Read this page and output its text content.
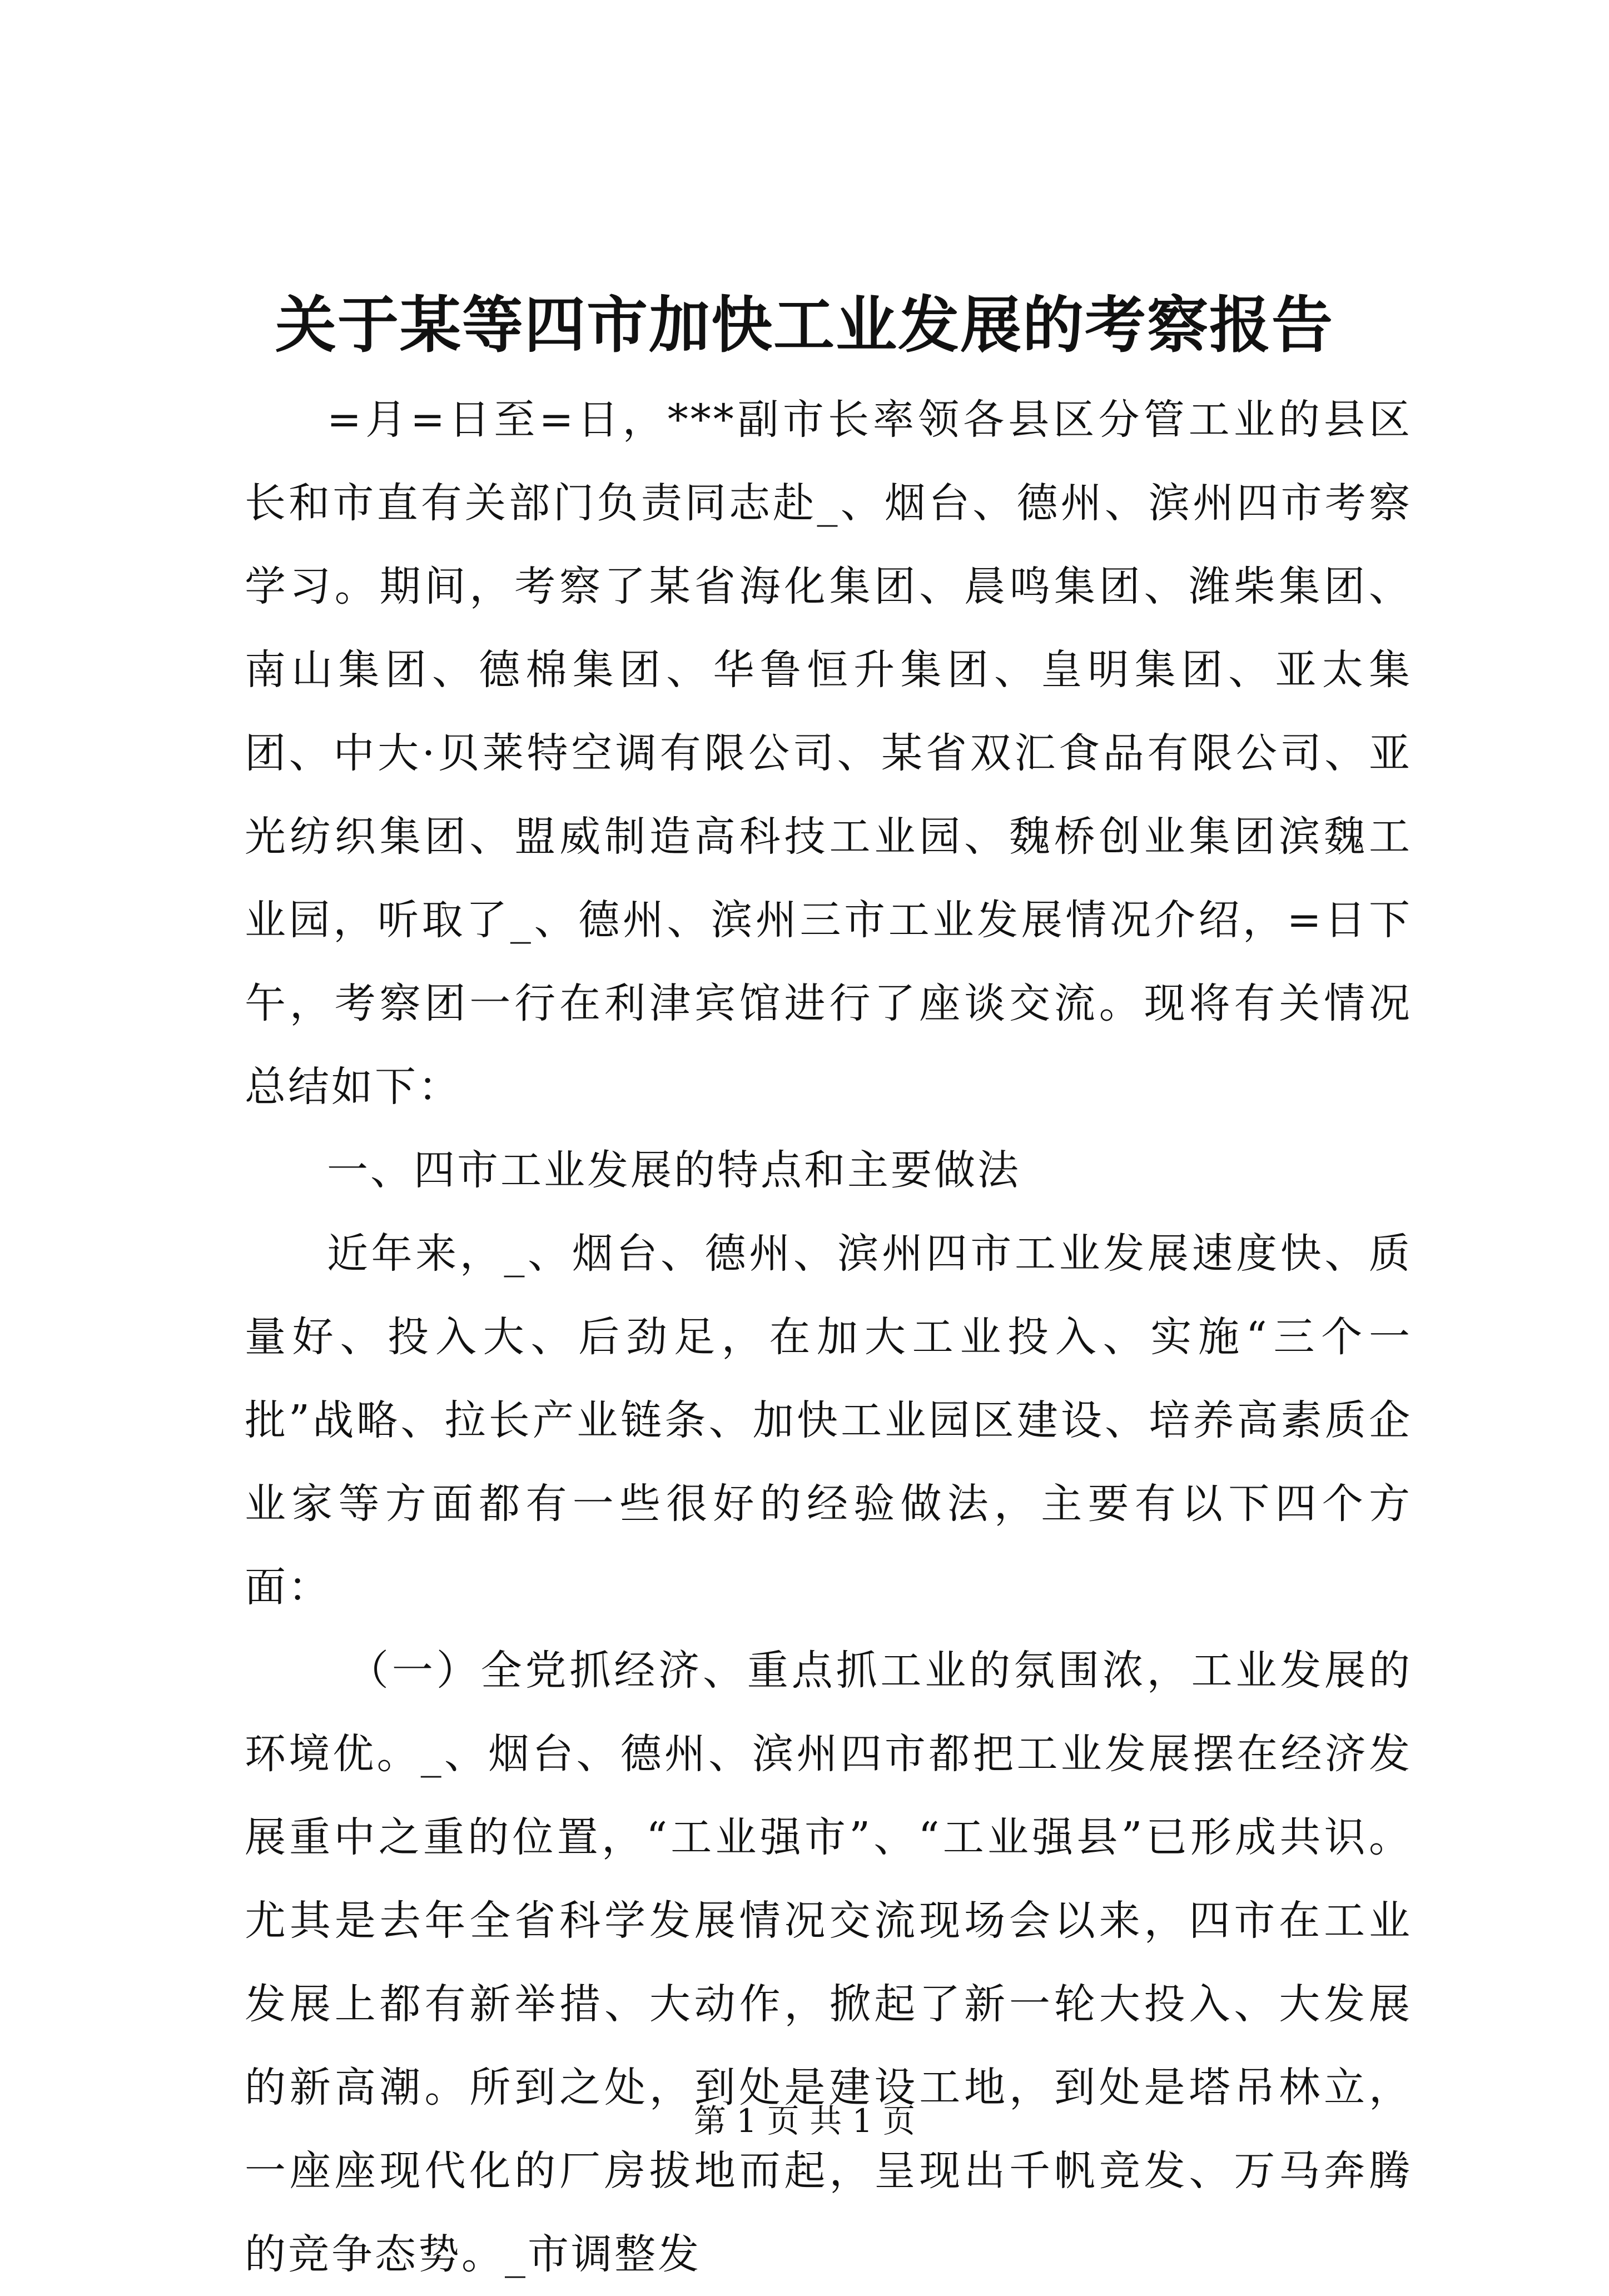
关于某等四市加快工业发展的考察报告

=月=日至=日，***副市长率领各县区分管工业的县区长和市直有关部门负责同志赴_、烟台、德州、滨州四市考察学习。期间，考察了某省海化集团、晨鸣集团、潍柴集团、南山集团、德棉集团、华鲁恒升集团、皇明集团、亚太集团、中大·贝莱特空调有限公司、某省双汇食品有限公司、亚光纺织集团、盟威制造高科技工业园、魏桥创业集团滨魏工业园，听取了_、德州、滨州三市工业发展情况介绍，=日下午，考察团一行在利津宾馆进行了座谈交流。现将有关情况总结如下：

一、四市工业发展的特点和主要做法

近年来，_、烟台、德州、滨州四市工业发展速度快、质量好、投入大、后劲足，在加大工业投入、实施“三个一批”战略、拉长产业链条、加快工业园区建设、培养高素质企业家等方面都有一些很好的经验做法，主要有以下四个方面：

（一）全党抓经济、重点抓工业的氛围浓，工业发展的环境优。_、烟台、德州、滨州四市都把工业发展摆在经济发展重中之重的位置，“工业强市”、“工业强县”已形成共识。尤其是去年全省科学发展情况交流现场会以来，四市在工业发展上都有新举措、大动作，掀起了新一轮大投入、大发展的新高潮。所到之处，到处是建设工地，到处是塔吊林立，一座座现代化的厂房拔地而起，呈现出千帆竞发、万马奔腾的竞争态势。_市调整发

第 1 页 共 1 页
